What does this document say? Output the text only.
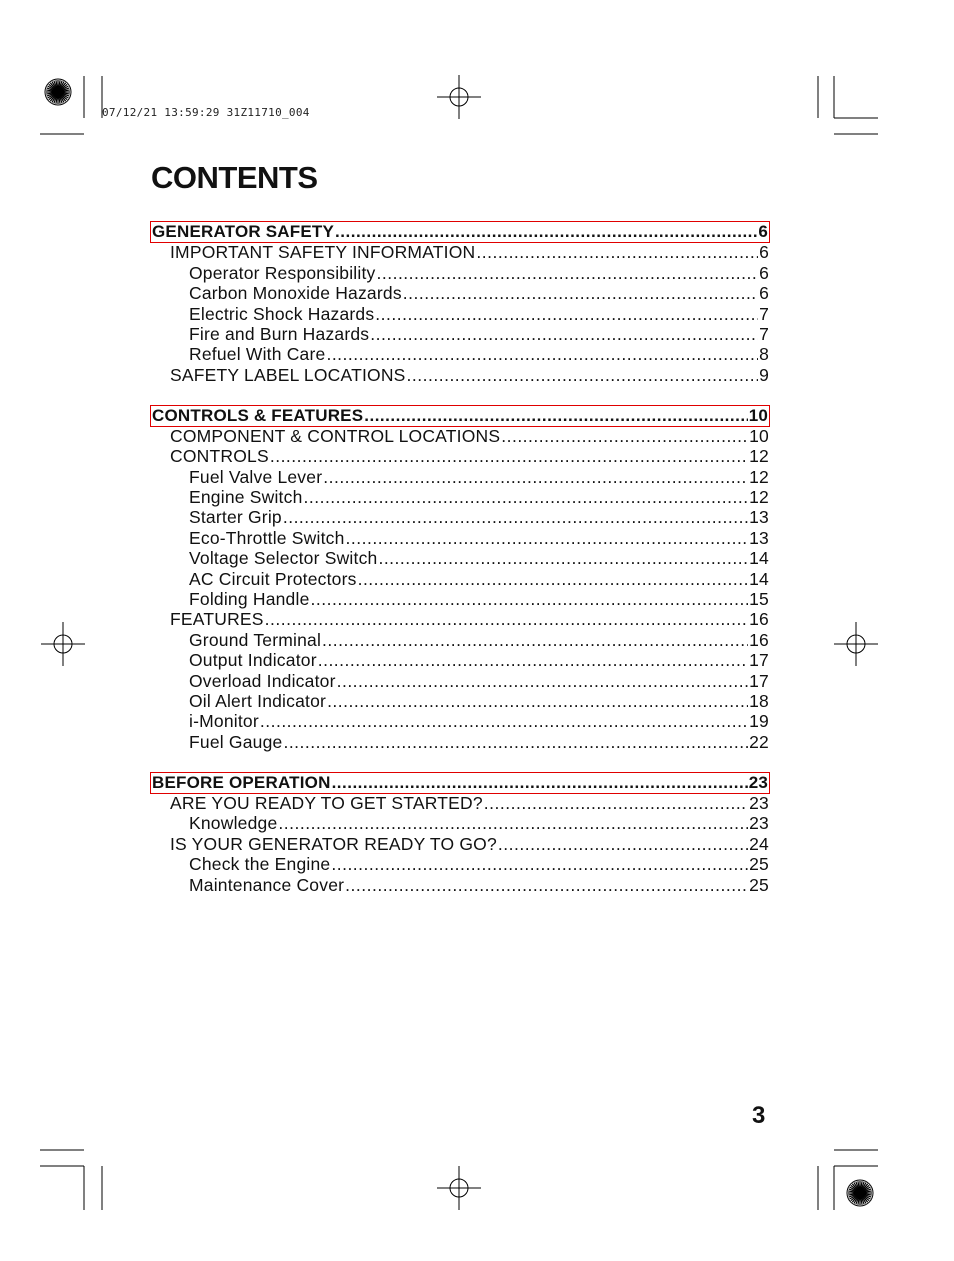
07/12/21 13:59:29 31Z11710_004
CONTENTS
GENERATOR SAFETY .....	6
IMPORTANT SAFETY INFORMATION .....	6
Operator Responsibility .....	6
Carbon Monoxide Hazards .....	6
Electric Shock Hazards .....	7
Fire and Burn Hazards .....	7
Refuel With Care .....	8
SAFETY LABEL LOCATIONS .....	9
CONTROLS & FEATURES .....	10
COMPONENT & CONTROL LOCATIONS .....	10
CONTROLS .....	12
Fuel Valve Lever .....	12
Engine Switch .....	12
Starter Grip .....	13
Eco-Throttle Switch .....	13
Voltage Selector Switch .....	14
AC Circuit Protectors .....	14
Folding Handle .....	15
FEATURES .....	16
Ground Terminal .....	16
Output Indicator .....	17
Overload Indicator .....	17
Oil Alert Indicator .....	18
i-Monitor .....	19
Fuel Gauge .....	22
BEFORE OPERATION .....	23
ARE YOU READY TO GET STARTED? .....	23
Knowledge .....	23
IS YOUR GENERATOR READY TO GO? .....	24
Check the Engine .....	25
Maintenance Cover .....	25
3
